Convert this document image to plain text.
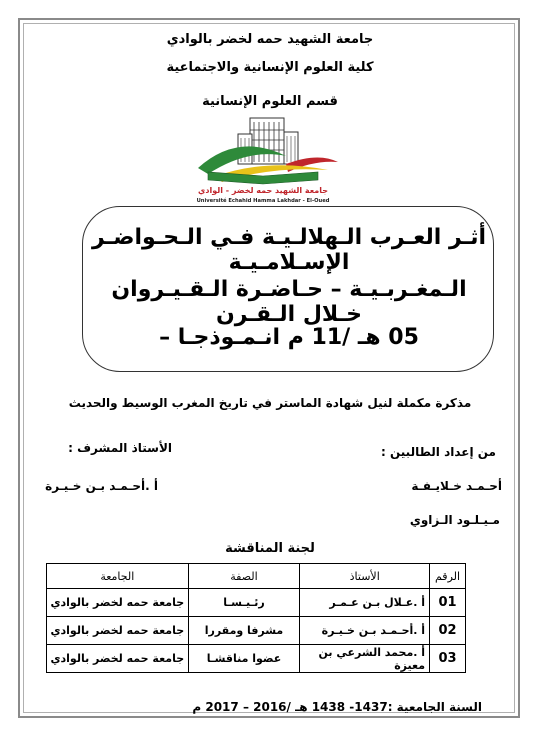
جامعة الشهيد حمه لخضر بالوادي
كلية العلوم الإنسانية والاجتماعية
قسم العلوم الإنسانية
جامعة الشهيد حمه لخضر - الوادي
Université Echahid Hamma Lakhdar - El-Oued
أثـر العـرب الـهلالـيـة فـي الـحـواضـر الإسـلامـيـة
الـمغـربـيـة – حـاضـرة الـقـيـروان خـلال الـقـرن
05 هـ /11 م انـمـوذجـا –
مذكرة مكملة لنيل شهادة الماستر في تاريخ المغرب الوسيط والحديث
من إعداد الطالبين :
الأستاذ المشرف :
أحـمـد خـلايـفـة
أ .أحـمـد بـن خـيـرة
مـيـلـود الـزاوي
لجنة المناقشة
الرقم	الأستاذ	الصفة	الجامعة
01	أ .عـلال بـن عـمـر	رئـيـسـا	جامعة حمه لخضر بالوادي
02	أ .أحـمـد بـن خـيـرة	مشرفا ومقررا	جامعة حمه لخضر بالوادي
03	أ .محمد الشرعي بن معيزة	عضوا مناقشـا	جامعة حمه لخضر بالوادي
السنة الجامعية :1437- 1438 هـ /2016 – 2017 م
